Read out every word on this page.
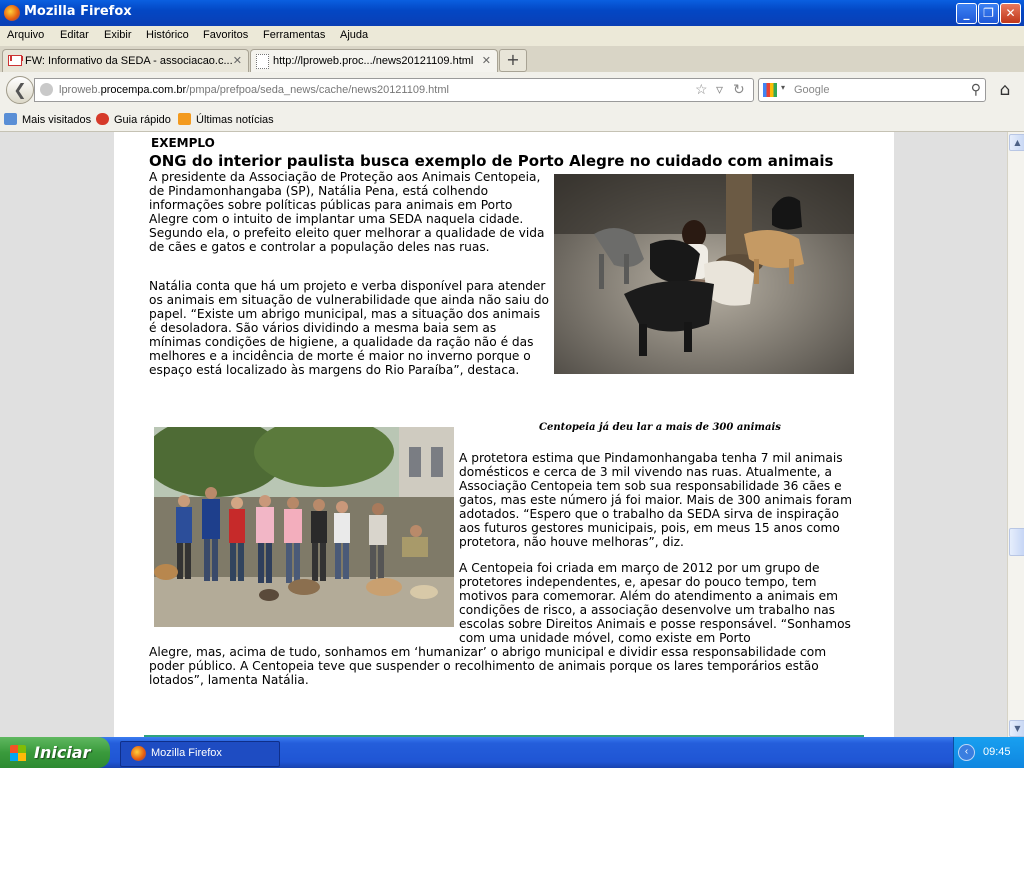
Mozilla Firefox	_	❐ ✕
Arquivo Editar Exibir Histórico Favoritos Ferramentas Ajuda
FW: Informativo da SEDA - associacao.c... ✕	http://lproweb.proc.../news20121109.html ✕ +
❮	lproweb.procempa.com.br/pmpa/prefpoa/seda_news/cache/news20121109.html	☆ ▿ ↻	▾ Google	⚲	⌂
Mais visitados	Guia rápido	Últimas notícias
EXEMPLO
ONG do interior paulista busca exemplo de Porto Alegre no cuidado com animais
A presidente da Associação de Proteção aos Animais Centopeia, de Pindamonhangaba (SP), Natália Pena, está colhendo informações sobre políticas públicas para animais em Porto Alegre com o intuito de implantar uma SEDA naquela cidade. Segundo ela, o prefeito eleito quer melhorar a qualidade de vida de cães e gatos e controlar a população deles nas ruas.
Natália conta que há um projeto e verba disponível para atender os animais em situação de vulnerabilidade que ainda não saiu do papel. “Existe um abrigo municipal, mas a situação dos animais é desoladora. São vários dividindo a mesma baia sem as mínimas condições de higiene, a qualidade da ração não é das melhores e a incidência de morte é maior no inverno porque o espaço está localizado às margens do Rio Paraíba”, destaca.
Centopeia já deu lar a mais de 300 animais
A protetora estima que Pindamonhangaba tenha 7 mil animais domésticos e cerca de 3 mil vivendo nas ruas. Atualmente, a Associação Centopeia tem sob sua responsabilidade 36 cães e gatos, mas este número já foi maior. Mais de 300 animais foram adotados. “Espero que o trabalho da SEDA sirva de inspiração aos futuros gestores municipais, pois, em meus 15 anos como protetora, não houve melhoras”, diz.
A Centopeia foi criada em março de 2012 por um grupo de protetores independentes, e, apesar do pouco tempo, tem motivos para comemorar. Além do atendimento a animais em condições de risco, a associação desenvolve um trabalho nas escolas sobre Direitos Animais e posse responsável. “Sonhamos com uma unidade móvel, como existe em Porto
Alegre, mas, acima de tudo, sonhamos em ‘humanizar’ o abrigo municipal e dividir essa responsabilidade com poder público. A Centopeia teve que suspender o recolhimento de animais porque os lares temporários estão lotados”, lamenta Natália.
▲
▼
Iniciar	Mozilla Firefox	‹	09:45
